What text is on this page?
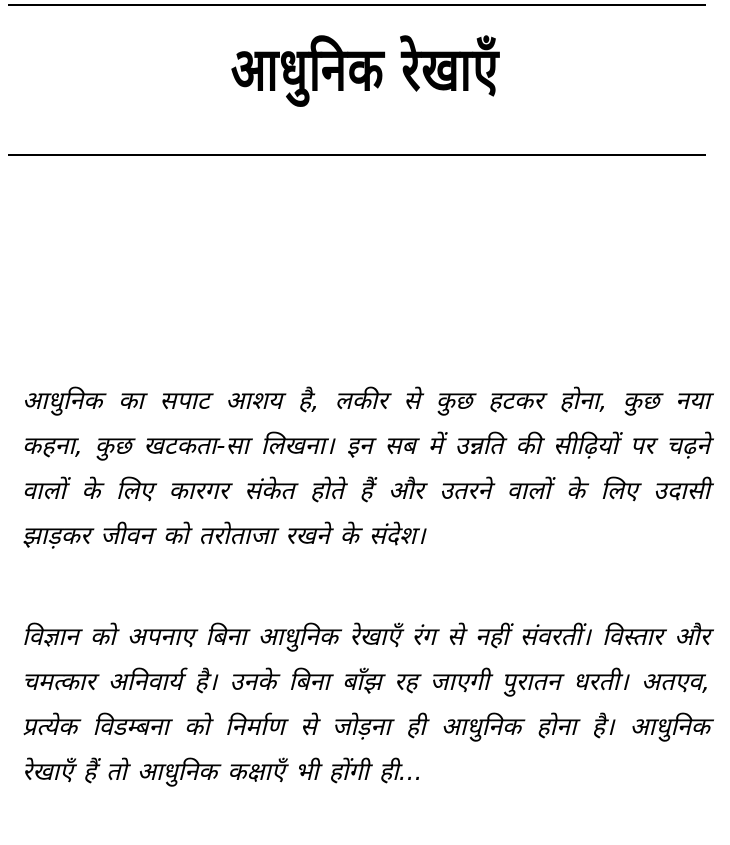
आधुनिक रेखाएँ

आधुनिक का सपाट आशय है, लकीर से कुछ हटकर होना, कुछ नया कहना, कुछ खटकता-सा लिखना। इन सब में उन्नति की सीढ़ियों पर चढ़ने वालों के लिए कारगर संकेत होते हैं और उतरने वालों के लिए उदासी झाड़कर जीवन को तरोताजा रखने के संदेश।

विज्ञान को अपनाए बिना आधुनिक रेखाएँ रंग से नहीं संवरतीं। विस्तार और चमत्कार अनिवार्य है। उनके बिना बाँझ रह जाएगी पुरातन धरती। अतएव, प्रत्येक विडम्बना को निर्माण से जोड़ना ही आधुनिक होना है। आधुनिक रेखाएँ हैं तो आधुनिक कक्षाएँ भी होंगी ही...
